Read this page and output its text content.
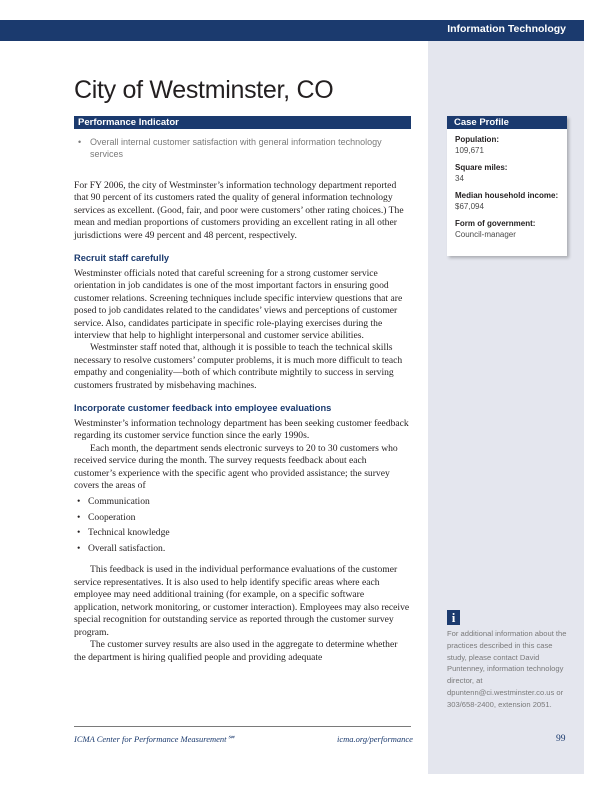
Information Technology
City of Westminster, CO
Performance Indicator
• Overall internal customer satisfaction with general information technology services

For FY 2006, the city of Westminster’s information technology department reported that 90 percent of its customers rated the quality of general information technology services as excellent. (Good, fair, and poor were customers’ other rating choices.) The mean and median proportions of customers providing an excellent rating in all other jurisdictions were 49 percent and 48 percent, respectively.

Recruit staff carefully

Westminster officials noted that careful screening for a strong customer service orientation in job candidates is one of the most important factors in ensuring good customer relations. Screening techniques include specific interview questions that are posed to job candidates related to the candidates’ views and perceptions of customer service. Also, candidates participate in specific role-playing exercises during the interview that help to highlight interpersonal and customer service abilities.

Westminster staff noted that, although it is possible to teach the technical skills necessary to resolve customers’ computer problems, it is much more difficult to teach empathy and congeniality—both of which contribute mightily to success in serving customers frustrated by misbehaving machines.

Incorporate customer feedback into employee evaluations

Westminster’s information technology department has been seeking customer feedback regarding its customer service function since the early 1990s.

Each month, the department sends electronic surveys to 20 to 30 customers who received service during the month. The survey requests feedback about each customer’s experience with the specific agent who provided assistance; the survey covers the areas of

• Communication
• Cooperation
• Technical knowledge
• Overall satisfaction.

This feedback is used in the individual performance evaluations of the customer service representatives. It is also used to help identify specific areas where each employee may need additional training (for example, on a specific software application, network monitoring, or customer interaction). Employees may also receive special recognition for outstanding service as reported through the customer survey program.

The customer survey results are also used in the aggregate to determine whether the department is hiring qualified people and providing adequate

ICMA Center for Performance Measurement℠	icma.org/performance	99
Case Profile
Population:
109,671
Square miles:
34
Median household income:
$67,094
Form of government:
Council-manager
i
For additional information about the practices described in this case study, please contact David Puntenney, information technology director, at dpuntenn@ci.westminster.co.us or 303/658-2400, extension 2051.
